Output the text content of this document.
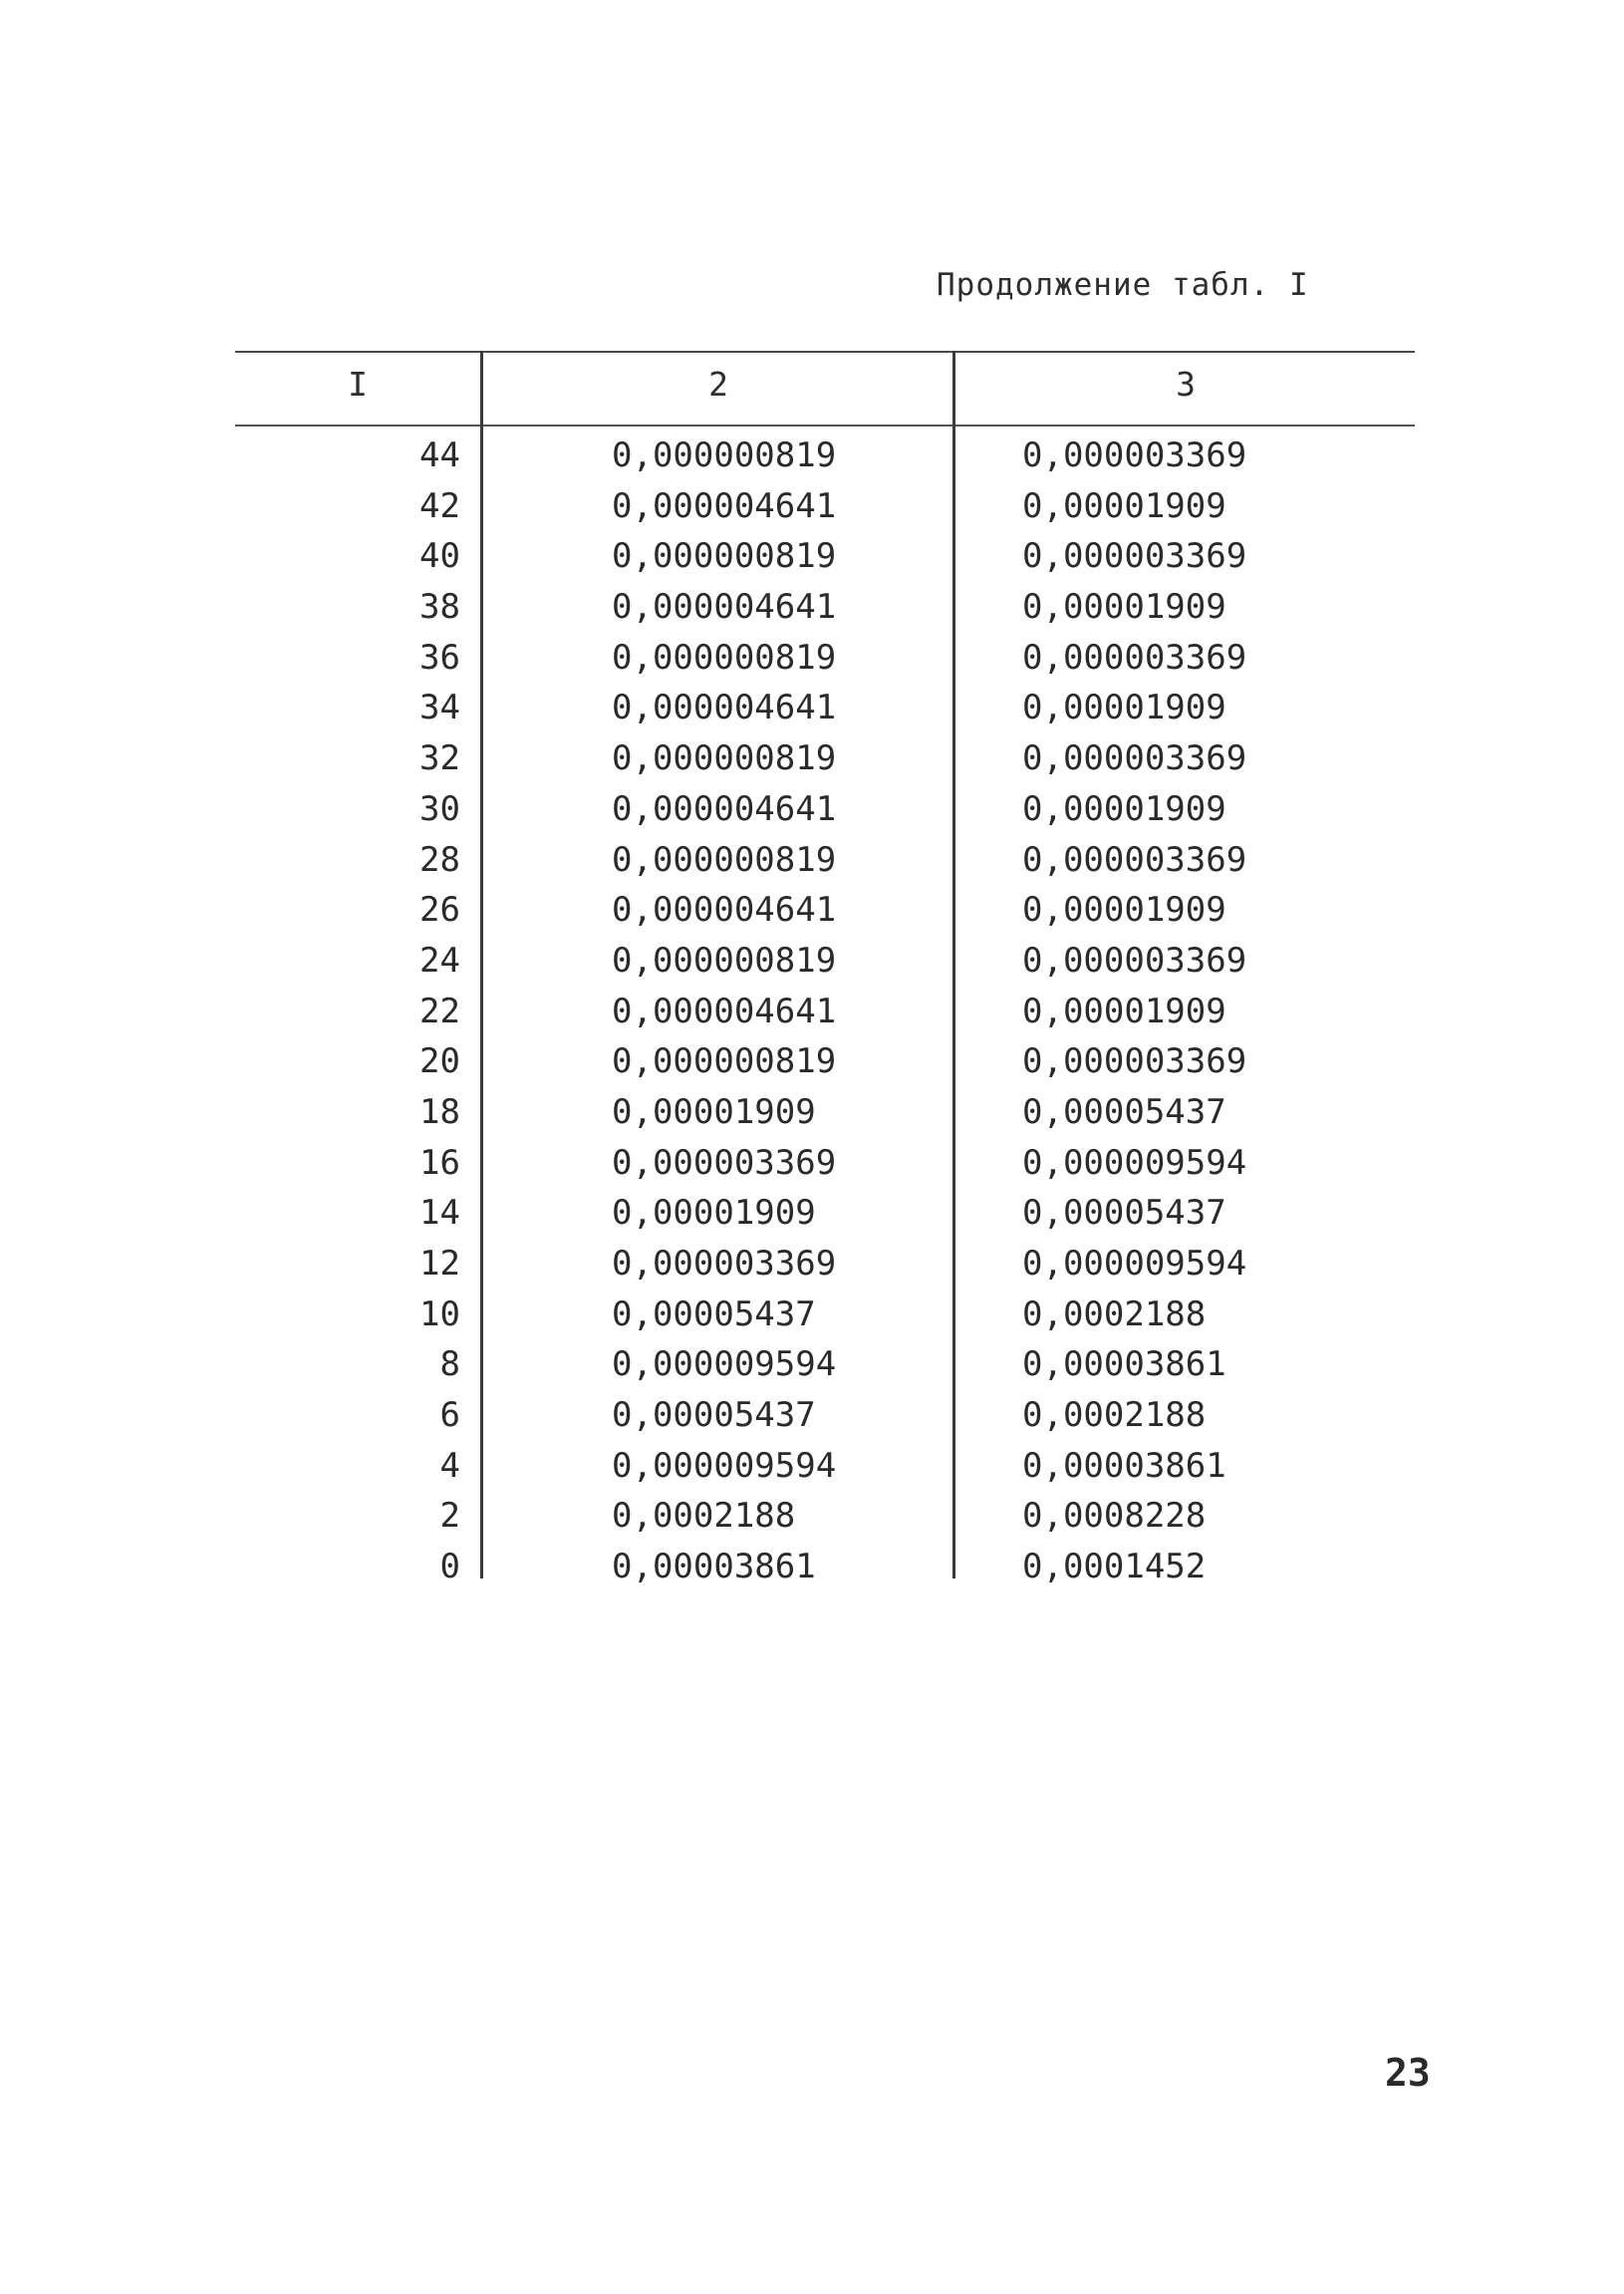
Продолжение табл. I
I	2	3
44	0,000000819	0,000003369
42	0,000004641	0,00001909
40	0,000000819	0,000003369
38	0,000004641	0,00001909
36	0,000000819	0,000003369
34	0,000004641	0,00001909
32	0,000000819	0,000003369
30	0,000004641	0,00001909
28	0,000000819	0,000003369
26	0,000004641	0,00001909
24	0,000000819	0,000003369
22	0,000004641	0,00001909
20	0,000000819	0,000003369
18	0,00001909	0,00005437
16	0,000003369	0,000009594
14	0,00001909	0,00005437
12	0,000003369	0,000009594
10	0,00005437	0,0002188
8	0,000009594	0,00003861
6	0,00005437	0,0002188
4	0,000009594	0,00003861
2	0,0002188	0,0008228
0	0,00003861	0,0001452
23
